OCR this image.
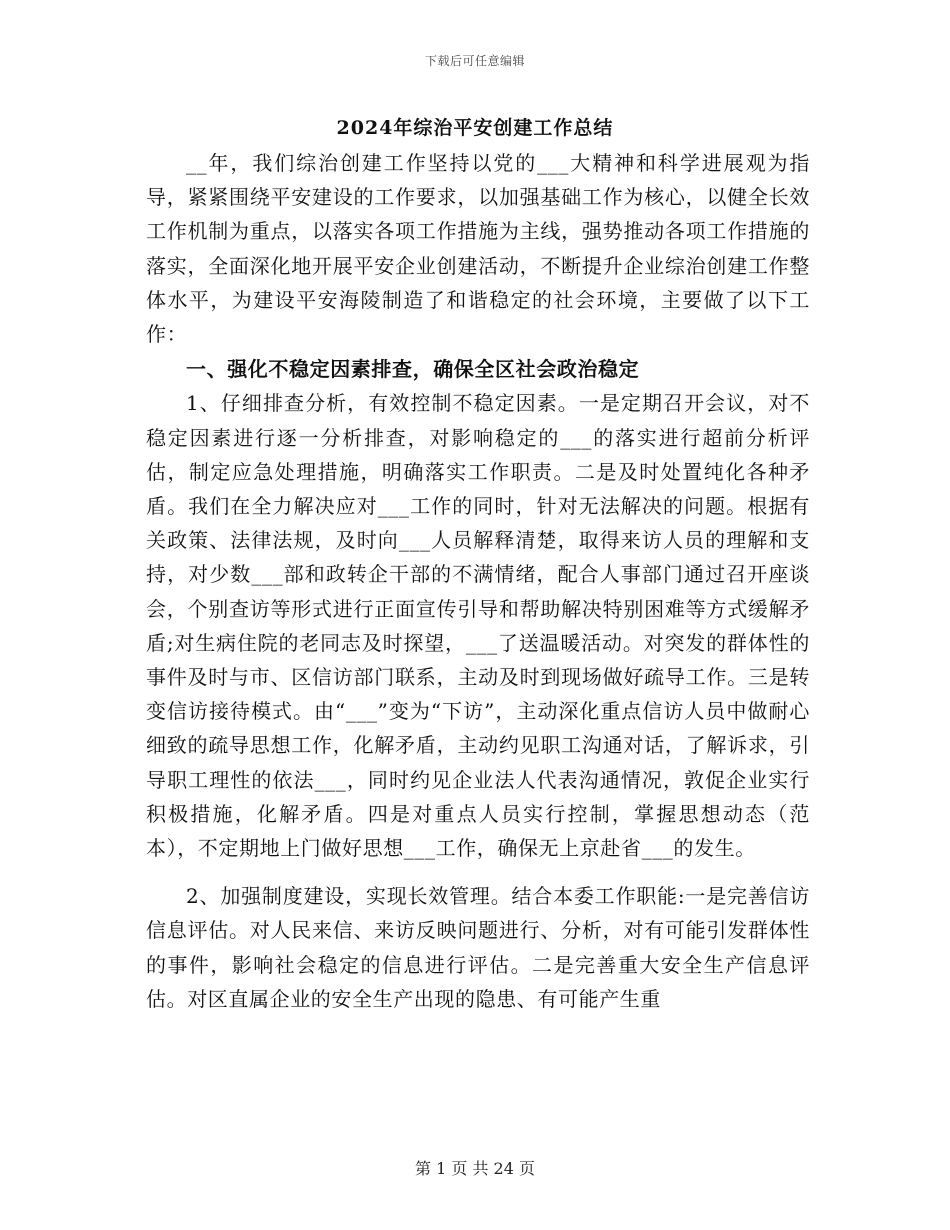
下载后可任意编辑
2024年综治平安创建工作总结

__年，我们综治创建工作坚持以党的___大精神和科学进展观为指导，紧紧围绕平安建设的工作要求，以加强基础工作为核心，以健全长效工作机制为重点，以落实各项工作措施为主线，强势推动各项工作措施的落实，全面深化地开展平安企业创建活动，不断提升企业综治创建工作整体水平，为建设平安海陵制造了和谐稳定的社会环境，主要做了以下工作：

一、强化不稳定因素排查，确保全区社会政治稳定

1、仔细排查分析，有效控制不稳定因素。一是定期召开会议，对不稳定因素进行逐一分析排查，对影响稳定的___的落实进行超前分析评估，制定应急处理措施，明确落实工作职责。二是及时处置纯化各种矛盾。我们在全力解决应对___工作的同时，针对无法解决的问题。根据有关政策、法律法规，及时向___人员解释清楚，取得来访人员的理解和支持，对少数___部和政转企干部的不满情绪，配合人事部门通过召开座谈会，个别查访等形式进行正面宣传引导和帮助解决特别困难等方式缓解矛盾;对生病住院的老同志及时探望，___了送温暖活动。对突发的群体性的事件及时与市、区信访部门联系，主动及时到现场做好疏导工作。三是转变信访接待模式。由“___”变为“下访”，主动深化重点信访人员中做耐心细致的疏导思想工作，化解矛盾，主动约见职工沟通对话，了解诉求，引导职工理性的依法___，同时约见企业法人代表沟通情况，敦促企业实行积极措施，化解矛盾。四是对重点人员实行控制，掌握思想动态（范本），不定期地上门做好思想___工作，确保无上京赴省___的发生。

2、加强制度建设，实现长效管理。结合本委工作职能:一是完善信访信息评估。对人民来信、来访反映问题进行、分析，对有可能引发群体性的事件，影响社会稳定的信息进行评估。二是完善重大安全生产信息评估。对区直属企业的安全生产出现的隐患、有可能产生重

第 1 页 共 24 页
